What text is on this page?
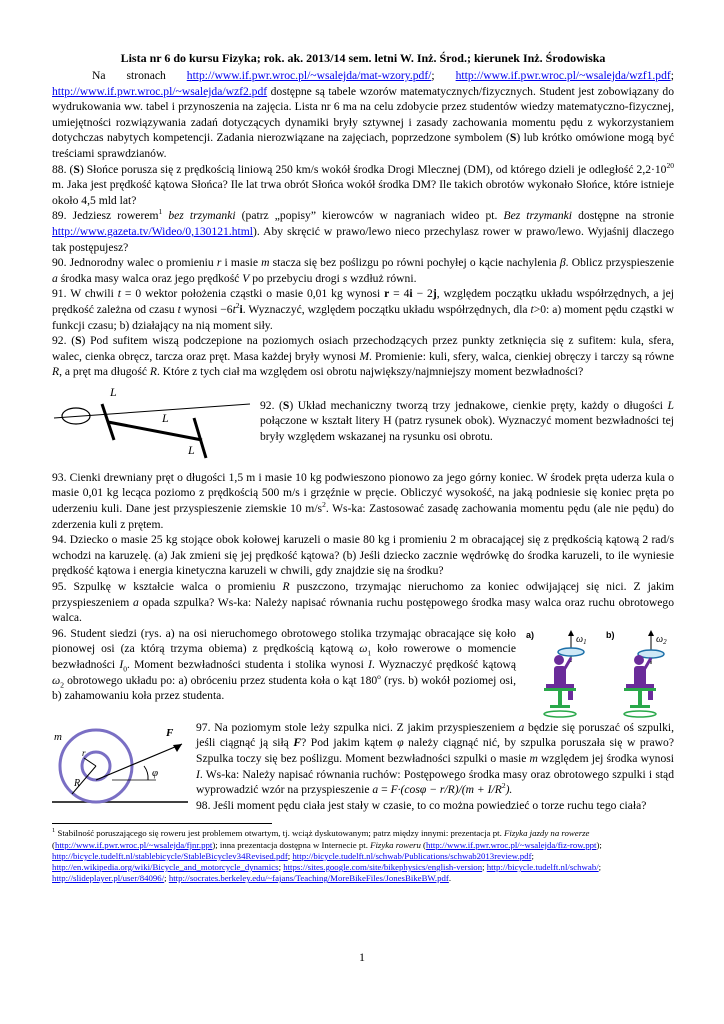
Lista nr 6 do kursu Fizyka; rok. ak. 2013/14 sem. letni W. Inż. Środ.; kierunek Inż. Środowiska

Na stronach http://www.if.pwr.wroc.pl/~wsalejda/mat-wzory.pdf/; http://www.if.pwr.wroc.pl/~wsalejda/wzf1.pdf; http://www.if.pwr.wroc.pl/~wsalejda/wzf2.pdf dostępne są tabele wzorów matematycznych/fizycznych. Student jest zobowiązany do wydrukowania ww. tabel i przynoszenia na zajęcia. Lista nr 6 ma na celu zdobycie przez studentów wiedzy matematyczno-fizycznej, umiejętności rozwiązywania zadań dotyczących dynamiki bryły sztywnej i zasady zachowania momentu pędu z wykorzystaniem dotychczas nabytych kompetencji. Zadania nierozwiązane na zajęciach, poprzedzone symbolem (S) lub krótko omówione mogą być treściami sprawdzianów.

88. (S) Słońce porusza się z prędkością liniową 250 km/s wokół środka Drogi Mlecznej (DM), od którego dzieli je odległość $2,2\cdot 10^{20}$ m. Jaka jest prędkość kątowa Słońca? Ile lat trwa obrót Słońca wokół środka DM? Ile takich obrotów wykonało Słońce, które istnieje około 4,5 mld lat?

89. Jedziesz rowerem$^1$ bez trzymanki (patrz „popisy” kierowców w nagraniach wideo pt. Bez trzymanki dostępne na stronie http://www.gazeta.tv/Wideo/0,130121.html). Aby skręcić w prawo/lewo nieco przechylasz rower w prawo/lewo. Wyjaśnij dlaczego tak postępujesz?

90. Jednorodny walec o promieniu r i masie m stacza się bez poślizgu po równi pochyłej o kącie nachylenia β. Oblicz przyspieszenie a środka masy walca oraz jego prędkość V po przebyciu drogi s wzdłuż równi.

91. W chwili t = 0 wektor położenia cząstki o masie 0,01 kg wynosi r = 4i − 2j, względem początku układu współrzędnych, a jej prędkość zależna od czasu t wynosi $-6t^2i$. Wyznaczyć, względem początku układu współrzędnych, dla t>0: a) moment pędu cząstki w funkcji czasu; b) działający na nią moment siły.

92. (S) Pod sufitem wiszą podczepione na poziomych osiach przechodzących przez punkty zetknięcia się z sufitem: kula, sfera, walec, cienka obręcz, tarcza oraz pręt. Masa każdej bryły wynosi M. Promienie: kuli, sfery, walca, cienkiej obręczy i tarczy są równe R, a pręt ma długość R. Które z tych ciał ma względem osi obrotu największy/najmniejszy moment bezwładności?

L
L
L

92. (S) Układ mechaniczny tworzą trzy jednakowe, cienkie pręty, każdy o długości L połączone w kształt litery H (patrz rysunek obok). Wyznaczyć moment bezwładności tej bryły względem wskazanej na rysunku osi obrotu.

93. Cienki drewniany pręt o długości 1,5 m i masie 10 kg podwieszono pionowo za jego górny koniec. W środek pręta uderza kula o masie 0,01 kg lecąca poziomo z prędkością 500 m/s i grzęźnie w pręcie. Obliczyć wysokość, na jaką podniesie się koniec pręta po uderzeniu kuli. Dane jest przyspieszenie ziemskie 10 $m/s^2$. Ws-ka: Zastosować zasadę zachowania momentu pędu (ale nie pędu) do zderzenia kuli z prętem.

94. Dziecko o masie 25 kg stojące obok kołowej karuzeli o masie 80 kg i promieniu 2 m obracającej się z prędkością kątową 2 rad/s wchodzi na karuzelę. (a) Jak zmieni się jej prędkość kątowa? (b) Jeśli dziecko zacznie wędrówkę do środka karuzeli, to ile wyniesie prędkość kątowa i energia kinetyczna karuzeli w chwili, gdy znajdzie się na środku?

95. Szpulkę w kształcie walca o promieniu R puszczono, trzymając nieruchomo za koniec odwijającej się nici. Z jakim przyspieszeniem a opada szpulka? Ws-ka: Należy napisać równania ruchu postępowego środka masy walca oraz ruchu obrotowego walca.

a)	b)
$\omega_1$	$\omega_2$

96. Student siedzi (rys. a) na osi nieruchomego obrotowego stolika trzymając obracające się koło pionowej osi (za którą trzyma obiema) z prędkością kątową $\omega_1$ koło rowerowe o momencie bezwładności $I_0$. Moment bezwładności studenta i stolika wynosi I. Wyznaczyć prędkość kątową $\omega_2$ obrotowego układu po: a) obróceniu przez studenta koła o kąt 180$^o$ (rys. b) wokół poziomej osi, b) zahamowaniu koła przez studenta.

m
r
R
F
φ

97. Na poziomym stole leży szpulka nici. Z jakim przyspieszeniem a będzie się poruszać oś szpulki, jeśli ciągnąć ją siłą F? Pod jakim kątem φ należy ciągnąć nić, by szpulka poruszała się w prawo? Szpulka toczy się bez poślizgu. Moment bezwładności szpulki o masie m względem jej środka wynosi I. Ws-ka: Należy napisać równania ruchów: Postępowego środka masy oraz obrotowego szpulki i stąd wyprowadzić wzór na przyspieszenie $a = F\cdot(\cos\varphi - r/R)/(m + I/R^2)$.

98. Jeśli moment pędu ciała jest stały w czasie, to co można powiedzieć o torze ruchu tego ciała?

$^1$ Stabilność poruszającego się roweru jest problemem otwartym, tj. wciąż dyskutowanym; patrz między innymi: prezentacja pt. Fizyka jazdy na rowerze (http://www.if.pwr.wroc.pl/~wsalejda/fjnr.ppt); inna prezentacja dostępna w Internecie pt. Fizyka roweru (http://www.if.pwr.wroc.pl/~wsalejda/fiz-row.ppt); http://bicycle.tudelft.nl/stablebicycle/StableBicyclev34Revised.pdf; http://bicycle.tudelft.nl/schwab/Publications/schwab2013review.pdf; http://en.wikipedia.org/wiki/Bicycle_and_motorcycle_dynamics; https://sites.google.com/site/bikephysics/english-version; http://bicycle.tudelft.nl/schwab/; http://slideplayer.pl/user/84096/; http://socrates.berkeley.edu/~fajans/Teaching/MoreBikeFiles/JonesBikeBW.pdf.

1
